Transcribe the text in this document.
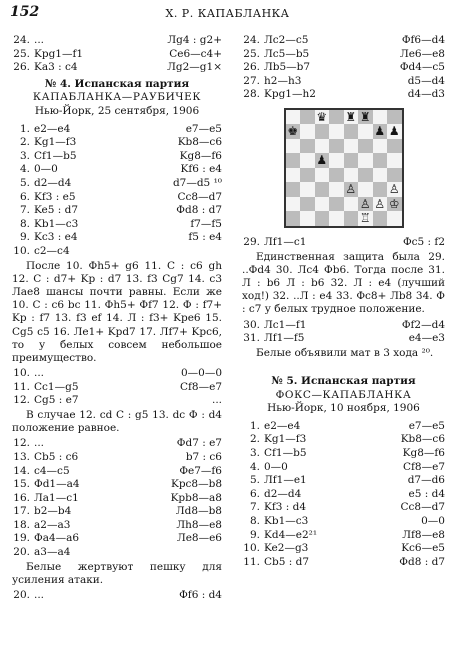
152	Х. Р. КАПАБЛАНКА
24. ...	Лg4 : g2+
25. Kpg1—f1	Ce6—c4+
26. Ka3 : c4	Лg2—g1×
№ 4. Испанская партия
КАПАБЛАНКА—РАУБИЧЕК
Нью-Йорк, 25 сентября, 1906
1. e2—e4	e7—e5
2. Kg1—f3	Kb8—c6
3. Cf1—b5	Kg8—f6
4. 0—0	Kf6 : e4
5. d2—d4	d7—d5 ¹⁰
6. Kf3 : e5	Cc8—d7
7. Ke5 : d7	Фd8 : d7
8. Kb1—c3	f7—f5
9. Kc3 : e4	f5 : e4
10. c2—c4

После 10. Фh5+ g6 11. C : c6 gh 12. C : d7+ Kp : d7 13. f3 Cg7 14. c3 Лae8 шансы почти равны. Если же 10. C : c6 bc 11. Фh5+ Фf7 12. Ф : f7+ Kp : f7 13. f3 ef 14. Л : f3+ Kpe6 15. Cg5 c5 16. Лe1+ Kpd7 17. Лf7+ Kpc6, то у белых совсем небольшое преимущество.

10. ...	0—0—0
11. Cc1—g5	Cf8—e7
12. Cg5 : e7	...

В случае 12. cd C : g5 13. dc Ф : d4 положение равное.

12. ...	Фd7 : e7
13. Cb5 : c6	b7 : c6
14. c4—c5	Фe7—f6
15. Фd1—a4	Kpc8—b8
16. Лa1—c1	Kpb8—a8
17. b2—b4	Лd8—b8
18. a2—a3	Лh8—e8
19. Фa4—a6	Лe8—e6
20. a3—a4

Белые жертвуют пешку для усиления атаки.

20. ...	Фf6 : d4
24. Лc2—c5	Фf6—d4
25. Лc5—b5	Лe6—e8
26. Лb5—b7	Фd4—c5
27. h2—h3	d5—d4
28. Kpg1—h2	d4—d3
♛ ♜ ♜
♚	♟ ♟
♟
♙	♙
♙ ♙ ♔
♖
29. Лf1—c1	Фc5 : f2

Единственная защита была 29. ..Фd4 30. Лc4 Фb6. Тогда после 31. Л : b6 Л : b6 32. Л : e4 (лучший ход!) 32. ..Л : e4 33. Фc8+ Лb8 34. Ф : c7 у белых трудное положение.

30. Лc1—f1	Фf2—d4
31. Лf1—f5	e4—e3

Белые объявили мат в 3 хода ²⁰.

№ 5. Испанская партия
ФОКС—КАПАБЛАНКА
Нью-Йорк, 10 ноября, 1906
1. e2—e4	e7—e5
2. Kg1—f3	Kb8—c6
3. Cf1—b5	Kg8—f6
4. 0—0	Cf8—e7
5. Лf1—e1	d7—d6
6. d2—d4	e5 : d4
7. Kf3 : d4	Cc8—d7
8. Kb1—c3	0—0
9. Kd4—e2²¹	Лf8—e8
10. Ke2—g3	Kc6—e5
11. Cb5 : d7	Фd8 : d7
